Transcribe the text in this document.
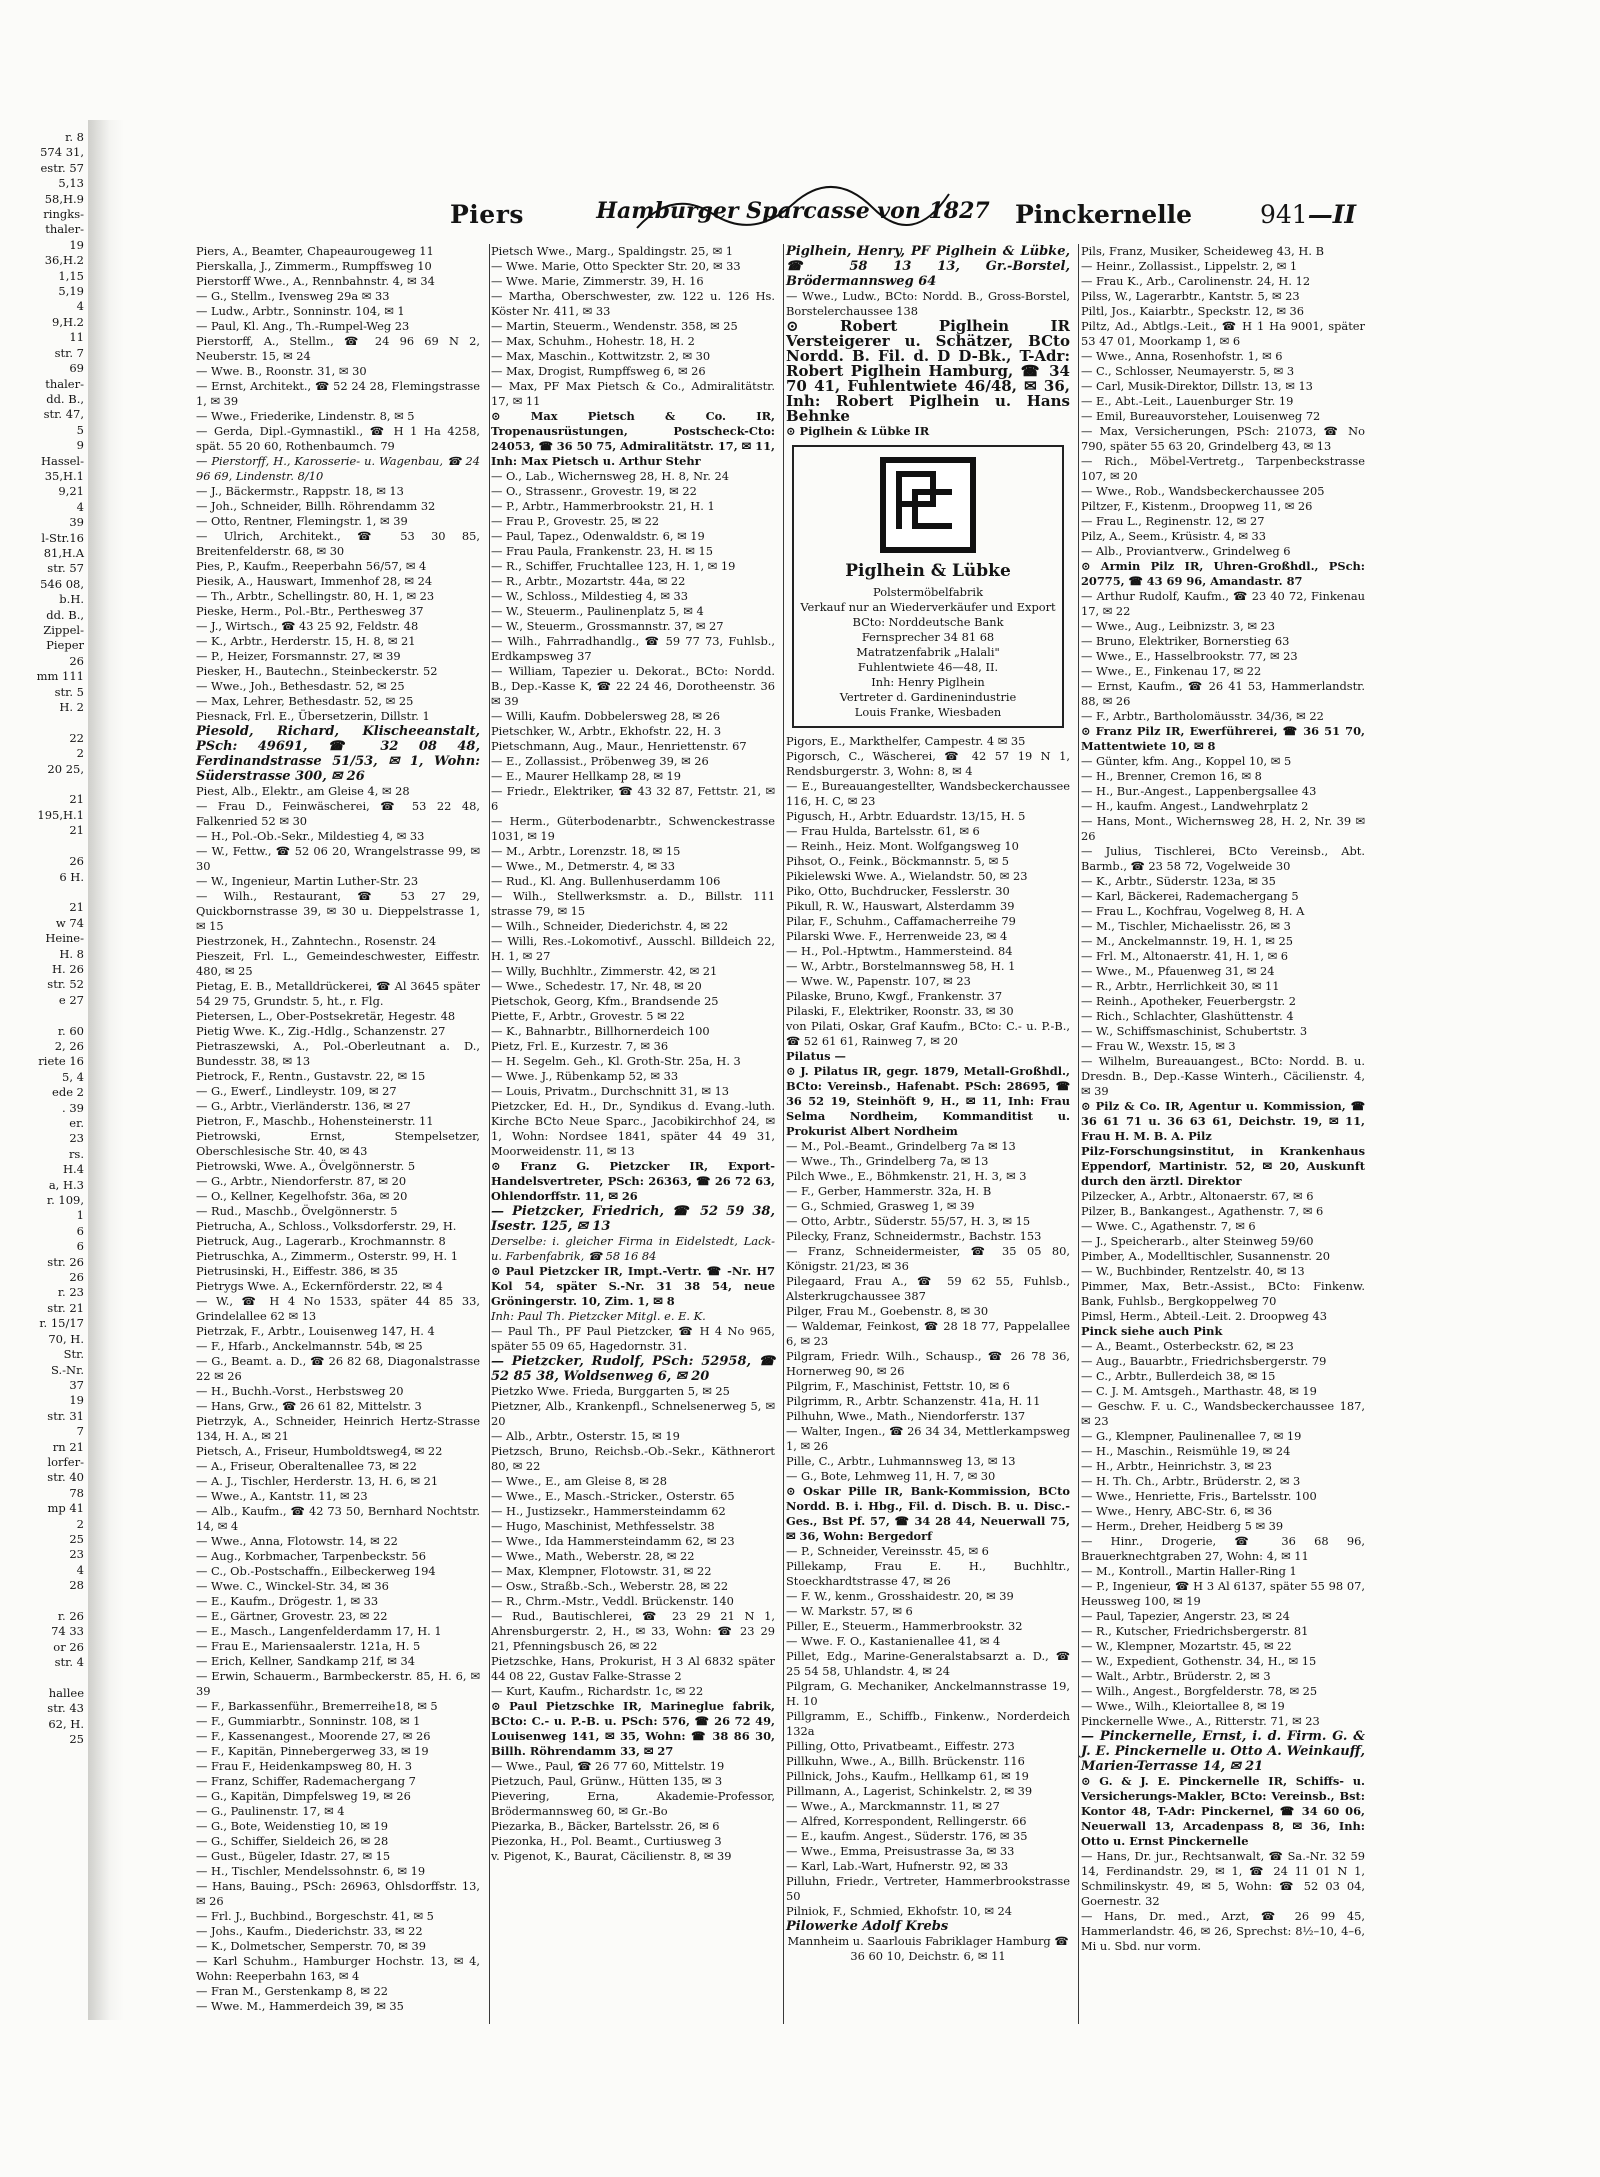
r. 8
574 31,
estr. 57
5,13
58,H.9
ringks-
thaler-
19
36,H.2
1,15
5,19
4
9,H.2
11
str. 7
69
thaler-
dd. B.,
str. 47,
5
9
Hassel-
35,H.1
9,21
4
39
l-Str.16
81,H.A
str. 57
546 08,
b.H.
dd. B.,
Zippel-
Pieper
26
mm 111
str. 5
H. 2

22
2
20 25,

21
195,H.1
21

26
6 H.

21
w 74
Heine-
H. 8
H. 26
str. 52
e 27

r. 60
2, 26
riete 16
5, 4
ede 2
. 39
er.
23
rs.
H.4
a, H.3
r. 109,
1
6
6
str. 26
26
r. 23
str. 21
r. 15/17
70, H.
Str.
S.-Nr.
37
19
str. 31
7
rn 21
lorfer-
str. 40
78
mp 41
2
25
23
4
28

r. 26
74 33
or 26
str. 4

hallee
str. 43
62, H.
25
Piers	Hamburger Sparcasse von 1827 Pinckernelle	941—II
Piers, A., Beamter, Chapeaurougeweg 11
Pierskalla, J., Zimmerm., Rumpffsweg 10
Pierstorff Wwe., A., Rennbahnstr. 4, ✉ 34
— G., Stellm., Ivensweg 29a ✉ 33
— Ludw., Arbtr., Sonninstr. 104, ✉ 1
— Paul, Kl. Ang., Th.-Rumpel-Weg 23
Pierstorff, A., Stellm., ☎ 24 96 69 N 2, Neuberstr. 15, ✉ 24
— Wwe. B., Roonstr. 31, ✉ 30
— Ernst, Architekt., ☎ 52 24 28, Flemingstrasse 1, ✉ 39
— Wwe., Friederike, Lindenstr. 8, ✉ 5
— Gerda, Dipl.-Gymnastikl., ☎ H 1 Ha 4258, spät. 55 20 60, Rothenbaumch. 79
— Pierstorff, H., Karosserie- u. Wagenbau, ☎ 24 96 69, Lindenstr. 8/10
— J., Bäckermstr., Rappstr. 18, ✉ 13
— Joh., Schneider, Billh. Röhrendamm 32
— Otto, Rentner, Flemingstr. 1, ✉ 39
— Ulrich, Architekt., ☎ 53 30 85, Breitenfelderstr. 68, ✉ 30
Pies, P., Kaufm., Reeperbahn 56/57, ✉ 4
Piesik, A., Hauswart, Immenhof 28, ✉ 24
— Th., Arbtr., Schellingstr. 80, H. 1, ✉ 23
Pieske, Herm., Pol.-Btr., Perthesweg 37
— J., Wirtsch., ☎ 43 25 92, Feldstr. 48
— K., Arbtr., Herderstr. 15, H. 8, ✉ 21
— P., Heizer, Forsmannstr. 27, ✉ 39
Piesker, H., Bautechn., Steinbeckerstr. 52
— Wwe., Joh., Bethesdastr. 52, ✉ 25
— Max, Lehrer, Bethesdastr. 52, ✉ 25
Piesnack, Frl. E., Übersetzerin, Dillstr. 1
Piesold, Richard, Klischeeanstalt, PSch: 49691, ☎ 32 08 48, Ferdinandstrasse 51/53, ✉ 1, Wohn: Süderstrasse 300, ✉ 26
Piest, Alb., Elektr., am Gleise 4, ✉ 28
— Frau D., Feinwäscherei, ☎ 53 22 48, Falkenried 52 ✉ 30
— H., Pol.-Ob.-Sekr., Mildestieg 4, ✉ 33
— W., Fettw., ☎ 52 06 20, Wrangelstrasse 99, ✉ 30
— W., Ingenieur, Martin Luther-Str. 23
— Wilh., Restaurant, ☎ 53 27 29, Quickbornstrasse 39, ✉ 30 u. Dieppelstrasse 1, ✉ 15
Piestrzonek, H., Zahntechn., Rosenstr. 24
Pieszeit, Frl. L., Gemeindeschwester, Eiffestr. 480, ✉ 25
Pietag, E. B., Metalldrückerei, ☎ Al 3645 später 54 29 75, Grundstr. 5, ht., r. Flg.
Pietersen, L., Ober-Postsekretär, Hegestr. 48
Pietig Wwe. K., Zig.-Hdlg., Schanzenstr. 27
Pietraszewski, A., Pol.-Oberleutnant a. D., Bundesstr. 38, ✉ 13
Pietrock, F., Rentn., Gustavstr. 22, ✉ 15
— G., Ewerf., Lindleystr. 109, ✉ 27
— G., Arbtr., Vierländerstr. 136, ✉ 27
Pietron, F., Maschb., Hohensteinerstr. 11
Pietrowski, Ernst, Stempelsetzer, Oberschlesische Str. 40, ✉ 43
Pietrowski, Wwe. A., Övelgönnerstr. 5
— G., Arbtr., Niendorferstr. 87, ✉ 20
— O., Kellner, Kegelhofstr. 36a, ✉ 20
— Rud., Maschb., Övelgönnerstr. 5
Pietrucha, A., Schloss., Volksdorferstr. 29, H.
Pietruck, Aug., Lagerarb., Krochmannstr. 8
Pietruschka, A., Zimmerm., Osterstr. 99, H. 1
Pietrusinski, H., Eiffestr. 386, ✉ 35
Pietrygs Wwe. A., Eckernförderstr. 22, ✉ 4
— W., ☎ H 4 No 1533, später 44 85 33, Grindelallee 62 ✉ 13
Pietrzak, F., Arbtr., Louisenweg 147, H. 4
— F., Hfarb., Anckelmannstr. 54b, ✉ 25
— G., Beamt. a. D., ☎ 26 82 68, Diagonalstrasse 22 ✉ 26
— H., Buchh.-Vorst., Herbstsweg 20
— Hans, Grw., ☎ 26 61 82, Mittelstr. 3
Pietrzyk, A., Schneider, Heinrich Hertz-Strasse 134, H. A., ✉ 21
Pietsch, A., Friseur, Humboldtsweg4, ✉ 22
— A., Friseur, Oberaltenallee 73, ✉ 22
— A. J., Tischler, Herderstr. 13, H. 6, ✉ 21
— Wwe., A., Kantstr. 11, ✉ 23
— Alb., Kaufm., ☎ 42 73 50, Bernhard Nochtstr. 14, ✉ 4
— Wwe., Anna, Flotowstr. 14, ✉ 22
— Aug., Korbmacher, Tarpenbeckstr. 56
— C., Ob.-Postschaffn., Eilbeckerweg 194
— Wwe. C., Winckel-Str. 34, ✉ 36
— E., Kaufm., Drögestr. 1, ✉ 33
— E., Gärtner, Grovestr. 23, ✉ 22
— E., Masch., Langenfelderdamm 17, H. 1
— Frau E., Mariensaalerstr. 121a, H. 5
— Erich, Kellner, Sandkamp 21f, ✉ 34
— Erwin, Schauerm., Barmbeckerstr. 85, H. 6, ✉ 39
— F., Barkassenführ., Bremerreihe18, ✉ 5
— F., Gummiarbtr., Sonninstr. 108, ✉ 1
— F., Kassenangest., Moorende 27, ✉ 26
— F., Kapitän, Pinnebergerweg 33, ✉ 19
— Frau F., Heidenkampsweg 80, H. 3
— Franz, Schiffer, Rademachergang 7
— G., Kapitän, Dimpfelsweg 19, ✉ 26
— G., Paulinenstr. 17, ✉ 4
— G., Bote, Weidenstieg 10, ✉ 19
— G., Schiffer, Sieldeich 26, ✉ 28
— Gust., Bügeler, Idastr. 27, ✉ 15
— H., Tischler, Mendelssohnstr. 6, ✉ 19
— Hans, Bauing., PSch: 26963, Ohlsdorffstr. 13, ✉ 26
— Frl. J., Buchbind., Borgeschstr. 41, ✉ 5
— Johs., Kaufm., Diederichstr. 33, ✉ 22
— K., Dolmetscher, Semperstr. 70, ✉ 39
— Karl Schuhm., Hamburger Hochstr. 13, ✉ 4, Wohn: Reeperbahn 163, ✉ 4
— Fran M., Gerstenkamp 8, ✉ 22
— Wwe. M., Hammerdeich 39, ✉ 35
Pietsch Wwe., Marg., Spaldingstr. 25, ✉ 1
— Wwe. Marie, Otto Speckter Str. 20, ✉ 33
— Wwe. Marie, Zimmerstr. 39, H. 16
— Martha, Oberschwester, zw. 122 u. 126 Hs. Köster Nr. 411, ✉ 33
— Martin, Steuerm., Wendenstr. 358, ✉ 25
— Max, Schuhm., Hohestr. 18, H. 2
— Max, Maschin., Kottwitzstr. 2, ✉ 30
— Max, Drogist, Rumpffsweg 6, ✉ 26
— Max, PF Max Pietsch & Co., Admiralitätstr. 17, ✉ 11
⊙ Max Pietsch & Co. IR, Tropenausrüstungen, Postscheck-Cto: 24053, ☎ 36 50 75, Admiralitätstr. 17, ✉ 11, Inh: Max Pietsch u. Arthur Stehr
— O., Lab., Wichernsweg 28, H. 8, Nr. 24
— O., Strassenr., Grovestr. 19, ✉ 22
— P., Arbtr., Hammerbrookstr. 21, H. 1
— Frau P., Grovestr. 25, ✉ 22
— Paul, Tapez., Odenwaldstr. 6, ✉ 19
— Frau Paula, Frankenstr. 23, H. ✉ 15
— R., Schiffer, Fruchtallee 123, H. 1, ✉ 19
— R., Arbtr., Mozartstr. 44a, ✉ 22
— W., Schloss., Mildestieg 4, ✉ 33
— W., Steuerm., Paulinenplatz 5, ✉ 4
— W., Steuerm., Grossmannstr. 37, ✉ 27
— Wilh., Fahrradhandlg., ☎ 59 77 73, Fuhlsb., Erdkampsweg 37
— William, Tapezier u. Dekorat., BCto: Nordd. B., Dep.-Kasse K, ☎ 22 24 46, Dorotheenstr. 36 ✉ 39
— Willi, Kaufm. Dobbelersweg 28, ✉ 26
Pietschker, W., Arbtr., Ekhofstr. 22, H. 3
Pietschmann, Aug., Maur., Henriettenstr. 67
— E., Zollassist., Pröbenweg 39, ✉ 26
— E., Maurer Hellkamp 28, ✉ 19
— Friedr., Elektriker, ☎ 43 32 87, Fettstr. 21, ✉ 6
— Herm., Güterbodenarbtr., Schwenckestrasse 1031, ✉ 19
— M., Arbtr., Lorenzstr. 18, ✉ 15
— Wwe., M., Detmerstr. 4, ✉ 33
— Rud., Kl. Ang. Bullenhuserdamm 106
— Wilh., Stellwerksmstr. a. D., Billstr. 111 strasse 79, ✉ 15
— Wilh., Schneider, Diederichstr. 4, ✉ 22
— Willi, Res.-Lokomotivf., Ausschl. Billdeich 22, H. 1, ✉ 27
— Willy, Buchhltr., Zimmerstr. 42, ✉ 21
— Wwe., Schedestr. 17, Nr. 48, ✉ 20
Pietschok, Georg, Kfm., Brandsende 25
Piette, F., Arbtr., Grovestr. 5 ✉ 22
— K., Bahnarbtr., Billhornerdeich 100
Pietz, Frl. E., Kurzestr. 7, ✉ 36
— H. Segelm. Geh., Kl. Groth-Str. 25a, H. 3
— Wwe. J., Rübenkamp 52, ✉ 33
— Louis, Privatm., Durchschnitt 31, ✉ 13
Pietzcker, Ed. H., Dr., Syndikus d. Evang.-luth. Kirche BCto Neue Sparc., Jacobikirchhof 24, ✉ 1, Wohn: Nordsee 1841, später 44 49 31, Moorweidenstr. 11, ✉ 13
⊙ Franz G. Pietzcker IR, Export-Handelsvertreter, PSch: 26363, ☎ 26 72 63, Ohlendorffstr. 11, ✉ 26
— Pietzcker, Friedrich, ☎ 52 59 38, Isestr. 125, ✉ 13
Derselbe: i. gleicher Firma in Eidelstedt, Lack- u. Farbenfabrik, ☎ 58 16 84
⊙ Paul Pietzcker IR, Impt.-Vertr. ☎ -Nr. H7 Kol 54, später S.-Nr. 31 38 54, neue Gröningerstr. 10, Zim. 1, ✉ 8
Inh: Paul Th. Pietzcker Mitgl. e. E. K.
— Paul Th., PF Paul Pietzcker, ☎ H 4 No 965, später 55 09 65, Hagedornstr. 31.
— Pietzcker, Rudolf, PSch: 52958, ☎ 52 85 38, Woldsenweg 6, ✉ 20
Pietzko Wwe. Frieda, Burggarten 5, ✉ 25
Pietzner, Alb., Krankenpfl., Schnelsenerweg 5, ✉ 20
— Alb., Arbtr., Osterstr. 15, ✉ 19
Pietzsch, Bruno, Reichsb.-Ob.-Sekr., Käthnerort 80, ✉ 22
— Wwe., E., am Gleise 8, ✉ 28
— Wwe., E., Masch.-Stricker., Osterstr. 65
— H., Justizsekr., Hammersteindamm 62
— Hugo, Maschinist, Methfesselstr. 38
— Wwe., Ida Hammersteindamm 62, ✉ 23
— Wwe., Math., Weberstr. 28, ✉ 22
— Max, Klempner, Flotowstr. 31, ✉ 22
— Osw., Straßb.-Sch., Weberstr. 28, ✉ 22
— R., Chrm.-Mstr., Veddl. Brückenstr. 140
— Rud., Bautischlerei, ☎ 23 29 21 N 1, Ahrensburgerstr. 2, H., ✉ 33, Wohn: ☎ 23 29 21, Pfenningsbusch 26, ✉ 22
Pietzschke, Hans, Prokurist, H 3 Al 6832 später 44 08 22, Gustav Falke-Strasse 2
— Kurt, Kaufm., Richardstr. 1c, ✉ 22
⊙ Paul Pietzschke IR, Marineglue fabrik, BCto: C.- u. P.-B. u. PSch: 576, ☎ 26 72 49, Louisenweg 141, ✉ 35, Wohn: ☎ 38 86 30, Billh. Röhrendamm 33, ✉ 27
— Wwe., Paul, ☎ 26 77 60, Mittelstr. 19
Pietzuch, Paul, Grünw., Hütten 135, ✉ 3
Pievering, Erna, Akademie-Professor, Brödermannsweg 60, ✉ Gr.-Bo
Piezarka, B., Bäcker, Bartelsstr. 26, ✉ 6
Piezonka, H., Pol. Beamt., Curtiusweg 3
v. Pigenot, K., Baurat, Cäcilienstr. 8, ✉ 39
Piglhein, Henry, PF Piglhein & Lübke, ☎ 58 13 13, Gr.-Borstel, Brödermannsweg 64
— Wwe., Ludw., BCto: Nordd. B., Gross-Borstel, Borstelerchaussee 138
⊙ Robert Piglhein IR Versteigerer u. Schätzer, BCto Nordd. B. Fil. d. D D-Bk., T-Adr: Robert Piglhein Hamburg, ☎ 34 70 41, Fuhlentwiete 46/48, ✉ 36, Inh: Robert Piglhein u. Hans Behnke
⊙ Piglhein & Lübke IR
Piglhein & Lübke
Polstermöbelfabrik
Verkauf nur an Wiederverkäufer und Export
BCto: Norddeutsche Bank
Fernsprecher 34 81 68
Matratzenfabrik „Halali"
Fuhlentwiete 46—48, II.
Inh: Henry Piglhein
Vertreter d. Gardinenindustrie
Louis Franke, Wiesbaden
Pigors, E., Markthelfer, Campestr. 4 ✉ 35
Pigorsch, C., Wäscherei, ☎ 42 57 19 N 1, Rendsburgerstr. 3, Wohn: 8, ✉ 4
— E., Bureauangestellter, Wandsbeckerchaussee 116, H. C, ✉ 23
Pigusch, H., Arbtr. Eduardstr. 13/15, H. 5
— Frau Hulda, Bartelsstr. 61, ✉ 6
— Reinh., Heiz. Mont. Wolfgangsweg 10
Pihsot, O., Feink., Böckmannstr. 5, ✉ 5
Pikielewski Wwe. A., Wielandstr. 50, ✉ 23
Piko, Otto, Buchdrucker, Fesslerstr. 30
Pikull, R. W., Hauswart, Alsterdamm 39
Pilar, F., Schuhm., Caffamacherreihe 79
Pilarski Wwe. F., Herrenweide 23, ✉ 4
— H., Pol.-Hptwtm., Hammersteind. 84
— W., Arbtr., Borstelmannsweg 58, H. 1
— Wwe. W., Papenstr. 107, ✉ 23
Pilaske, Bruno, Kwgf., Frankenstr. 37
Pilaski, F., Elektriker, Roonstr. 33, ✉ 30
von Pilati, Oskar, Graf Kaufm., BCto: C.- u. P.-B., ☎ 52 61 61, Rainweg 7, ✉ 20
Pilatus —
⊙ J. Pilatus IR, gegr. 1879, Metall-Großhdl., BCto: Vereinsb., Hafenabt. PSch: 28695, ☎ 36 52 19, Steinhöft 9, H., ✉ 11, Inh: Frau Selma Nordheim, Kommanditist u. Prokurist Albert Nordheim
— M., Pol.-Beamt., Grindelberg 7a ✉ 13
— Wwe., Th., Grindelberg 7a, ✉ 13
Pilch Wwe., E., Böhmkenstr. 21, H. 3, ✉ 3
— F., Gerber, Hammerstr. 32a, H. B
— G., Schmied, Grasweg 1, ✉ 39
— Otto, Arbtr., Süderstr. 55/57, H. 3, ✉ 15
Pilecky, Franz, Schneidermstr., Bachstr. 153
— Franz, Schneidermeister, ☎ 35 05 80, Königstr. 21/23, ✉ 36
Pilegaard, Frau A., ☎ 59 62 55, Fuhlsb., Alsterkrugchaussee 387
Pilger, Frau M., Goebenstr. 8, ✉ 30
— Waldemar, Feinkost, ☎ 28 18 77, Pappelallee 6, ✉ 23
Pilgram, Friedr. Wilh., Schausp., ☎ 26 78 36, Hornerweg 90, ✉ 26
Pilgrim, F., Maschinist, Fettstr. 10, ✉ 6
Pilgrimm, R., Arbtr. Schanzenstr. 41a, H. 11
Pilhuhn, Wwe., Math., Niendorferstr. 137
— Walter, Ingen., ☎ 26 34 34, Mettlerkampsweg 1, ✉ 26
Pille, C., Arbtr., Luhmannsweg 13, ✉ 13
— G., Bote, Lehmweg 11, H. 7, ✉ 30
⊙ Oskar Pille IR, Bank-Kommission, BCto Nordd. B. i. Hbg., Fil. d. Disch. B. u. Disc.-Ges., Bst Pf. 57, ☎ 34 28 44, Neuerwall 75, ✉ 36, Wohn: Bergedorf
— P., Schneider, Vereinsstr. 45, ✉ 6
Pillekamp, Frau E. H., Buchhltr., Stoeckhardtstrasse 47, ✉ 26
— F. W., kenm., Grosshaidestr. 20, ✉ 39
— W. Markstr. 57, ✉ 6
Piller, E., Steuerm., Hammerbrookstr. 32
— Wwe. F. O., Kastanienallee 41, ✉ 4
Pillet, Edg., Marine-Generalstabsarzt a. D., ☎ 25 54 58, Uhlandstr. 4, ✉ 24
Pilgram, G. Mechaniker, Anckelmannstrasse 19, H. 10
Pillgramm, E., Schiffb., Finkenw., Norderdeich 132a
Pilling, Otto, Privatbeamt., Eiffestr. 273
Pillkuhn, Wwe., A., Billh. Brückenstr. 116
Pillnick, Johs., Kaufm., Hellkamp 61, ✉ 19
Pillmann, A., Lagerist, Schinkelstr. 2, ✉ 39
— Wwe., A., Marckmannstr. 11, ✉ 27
— Alfred, Korrespondent, Rellingerstr. 66
— E., kaufm. Angest., Süderstr. 176, ✉ 35
— Wwe., Emma, Preisustrasse 3a, ✉ 33
— Karl, Lab.-Wart, Hufnerstr. 92, ✉ 33
Pilluhn, Friedr., Vertreter, Hammerbrookstrasse 50
Pilniok, F., Schmied, Ekhofstr. 10, ✉ 24
Pilowerke Adolf Krebs
Mannheim u. Saarlouis Fabriklager Hamburg ☎ 36 60 10, Deichstr. 6, ✉ 11
Pils, Franz, Musiker, Scheideweg 43, H. B
— Heinr., Zollassist., Lippelstr. 2, ✉ 1
— Frau K., Arb., Carolinenstr. 24, H. 12
Pilss, W., Lagerarbtr., Kantstr. 5, ✉ 23
Piltl, Jos., Kaiarbtr., Speckstr. 12, ✉ 36
Piltz, Ad., Abtlgs.-Leit., ☎ H 1 Ha 9001, später 53 47 01, Moorkamp 1, ✉ 6
— Wwe., Anna, Rosenhofstr. 1, ✉ 6
— C., Schlosser, Neumayerstr. 5, ✉ 3
— Carl, Musik-Direktor, Dillstr. 13, ✉ 13
— E., Abt.-Leit., Lauenburger Str. 19
— Emil, Bureauvorsteher, Louisenweg 72
— Max, Versicherungen, PSch: 21073, ☎ No 790, später 55 63 20, Grindelberg 43, ✉ 13
— Rich., Möbel-Vertretg., Tarpenbeckstrasse 107, ✉ 20
— Wwe., Rob., Wandsbeckerchaussee 205
Piltzer, F., Kistenm., Droopweg 11, ✉ 26
— Frau L., Reginenstr. 12, ✉ 27
Pilz, A., Seem., Krüsistr. 4, ✉ 33
— Alb., Proviantverw., Grindelweg 6
⊙ Armin Pilz IR, Uhren-Großhdl., PSch: 20775, ☎ 43 69 96, Amandastr. 87
— Arthur Rudolf, Kaufm., ☎ 23 40 72, Finkenau 17, ✉ 22
— Wwe., Aug., Leibnizstr. 3, ✉ 23
— Bruno, Elektriker, Bornerstieg 63
— Wwe., E., Hasselbrookstr. 77, ✉ 23
— Wwe., E., Finkenau 17, ✉ 22
— Ernst, Kaufm., ☎ 26 41 53, Hammerlandstr. 88, ✉ 26
— F., Arbtr., Bartholomäusstr. 34/36, ✉ 22
⊙ Franz Pilz IR, Ewerführerei, ☎ 36 51 70, Mattentwiete 10, ✉ 8
— Günter, kfm. Ang., Koppel 10, ✉ 5
— H., Brenner, Cremon 16, ✉ 8
— H., Bur.-Angest., Lappenbergsallee 43
— H., kaufm. Angest., Landwehrplatz 2
— Hans, Mont., Wichernsweg 28, H. 2, Nr. 39 ✉ 26
— Julius, Tischlerei, BCto Vereinsb., Abt. Barmb., ☎ 23 58 72, Vogelweide 30
— K., Arbtr., Süderstr. 123a, ✉ 35
— Karl, Bäckerei, Rademachergang 5
— Frau L., Kochfrau, Vogelweg 8, H. A
— M., Tischler, Michaelisstr. 26, ✉ 3
— M., Anckelmannstr. 19, H. 1, ✉ 25
— Frl. M., Altonaerstr. 41, H. 1, ✉ 6
— Wwe., M., Pfauenweg 31, ✉ 24
— R., Arbtr., Herrlichkeit 30, ✉ 11
— Reinh., Apotheker, Feuerbergstr. 2
— Rich., Schlachter, Glashüttenstr. 4
— W., Schiffsmaschinist, Schubertstr. 3
— Frau W., Wexstr. 15, ✉ 3
— Wilhelm, Bureauangest., BCto: Nordd. B. u. Dresdn. B., Dep.-Kasse Winterh., Cäcilienstr. 4, ✉ 39
⊙ Pilz & Co. IR, Agentur u. Kommission, ☎ 36 61 71 u. 36 63 61, Deichstr. 19, ✉ 11, Frau H. M. B. A. Pilz
Pilz-Forschungsinstitut, in Krankenhaus Eppendorf, Martinistr. 52, ✉ 20, Auskunft durch den ärztl. Direktor
Pilzecker, A., Arbtr., Altonaerstr. 67, ✉ 6
Pilzer, B., Bankangest., Agathenstr. 7, ✉ 6
— Wwe. C., Agathenstr. 7, ✉ 6
— J., Speicherarb., alter Steinweg 59/60
Pimber, A., Modelltischler, Susannenstr. 20
— W., Buchbinder, Rentzelstr. 40, ✉ 13
Pimmer, Max, Betr.-Assist., BCto: Finkenw. Bank, Fuhlsb., Bergkoppelweg 70
Pimsl, Herm., Abteil.-Leit. 2. Droopweg 43
Pinck siehe auch Pink
— A., Beamt., Osterbeckstr. 62, ✉ 23
— Aug., Bauarbtr., Friedrichsbergerstr. 79
— C., Arbtr., Bullerdeich 38, ✉ 15
— C. J. M. Amtsgeh., Marthastr. 48, ✉ 19
— Geschw. F. u. C., Wandsbeckerchaussee 187, ✉ 23
— G., Klempner, Paulinenallee 7, ✉ 19
— H., Maschin., Reismühle 19, ✉ 24
— H., Arbtr., Heinrichstr. 3, ✉ 23
— H. Th. Ch., Arbtr., Brüderstr. 2, ✉ 3
— Wwe., Henriette, Fris., Bartelsstr. 100
— Wwe., Henry, ABC-Str. 6, ✉ 36
— Herm., Dreher, Heidberg 5 ✉ 39
— Hinr., Drogerie, ☎ 36 68 96, Brauerknechtgraben 27, Wohn: 4, ✉ 11
— M., Kontroll., Martin Haller-Ring 1
— P., Ingenieur, ☎ H 3 Al 6137, später 55 98 07, Heussweg 100, ✉ 19
— Paul, Tapezier, Angerstr. 23, ✉ 24
— R., Kutscher, Friedrichsbergerstr. 81
— W., Klempner, Mozartstr. 45, ✉ 22
— W., Expedient, Gothenstr. 34, H., ✉ 15
— Walt., Arbtr., Brüderstr. 2, ✉ 3
— Wilh., Angest., Borgfelderstr. 78, ✉ 25
— Wwe., Wilh., Kleiortallee 8, ✉ 19
Pinckernelle Wwe., A., Ritterstr. 71, ✉ 23
— Pinckernelle, Ernst, i. d. Firm. G. & J. E. Pinckernelle u. Otto A. Weinkauff, Marien-Terrasse 14, ✉ 21
⊙ G. & J. E. Pinckernelle IR, Schiffs- u. Versicherungs-Makler, BCto: Vereinsb., Bst: Kontor 48, T-Adr: Pinckernel, ☎ 34 60 06, Neuerwall 13, Arcadenpass 8, ✉ 36, Inh: Otto u. Ernst Pinckernelle
— Hans, Dr. jur., Rechtsanwalt, ☎ Sa.-Nr. 32 59 14, Ferdinandstr. 29, ✉ 1, ☎ 24 11 01 N 1, Schmilinskystr. 49, ✉ 5, Wohn: ☎ 52 03 04, Goernestr. 32
— Hans, Dr. med., Arzt, ☎ 26 99 45, Hammerlandstr. 46, ✉ 26, Sprechst: 8½–10, 4–6, Mi u. Sbd. nur vorm.
